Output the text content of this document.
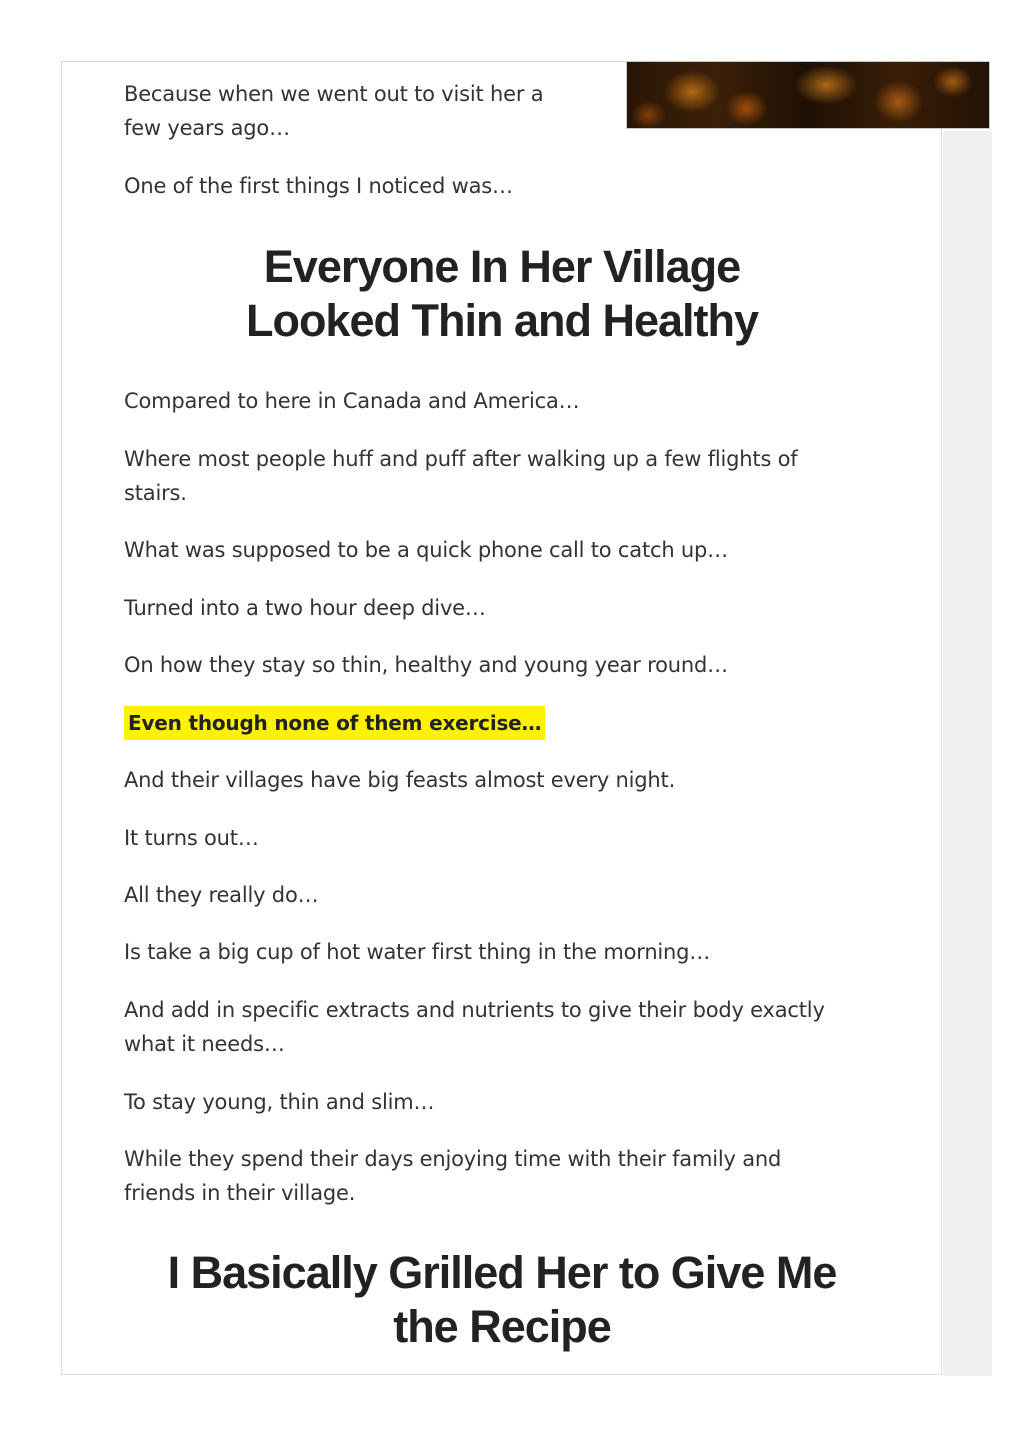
Because when we went out to visit her a

few years ago…

One of the first things I noticed was…

Everyone In Her Village
Looked Thin and Healthy

Compared to here in Canada and America…

Where most people huff and puff after walking up a few flights of

stairs.

What was supposed to be a quick phone call to catch up…

Turned into a two hour deep dive…

On how they stay so thin, healthy and young year round…

Even though none of them exercise…

And their villages have big feasts almost every night.

It turns out…

All they really do…

Is take a big cup of hot water first thing in the morning…

And add in specific extracts and nutrients to give their body exactly

what it needs…

To stay young, thin and slim…

While they spend their days enjoying time with their family and

friends in their village.

I Basically Grilled Her to Give Me
the Recipe
